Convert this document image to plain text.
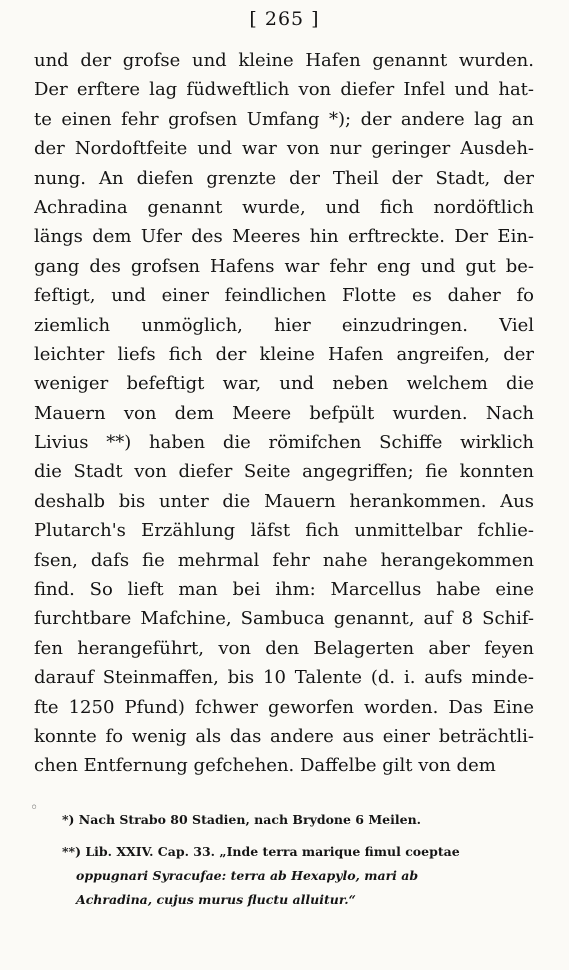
[ 265 ]
und der grofse und kleine Hafen genannt wurden.
Der erftere lag füdweftlich von diefer Infel und hat-
te einen fehr grofsen Umfang *); der andere lag an
der Nordoftfeite und war von nur geringer Ausdeh-
nung. An diefen grenzte der Theil der Stadt, der
Achradina genannt wurde, und fich nordöftlich
längs dem Ufer des Meeres hin erftreckte. Der Ein-
gang des grofsen Hafens war fehr eng und gut be-
feftigt, und einer feindlichen Flotte es daher fo
ziemlich unmöglich, hier einzudringen. Viel
leichter liefs fich der kleine Hafen angreifen, der
weniger befeftigt war, und neben welchem die
Mauern von dem Meere befpült wurden. Nach
Livius **) haben die römifchen Schiffe wirklich
die Stadt von diefer Seite angegriffen; fie konnten
deshalb bis unter die Mauern herankommen. Aus
Plutarch's Erzählung läfst fich unmittelbar fchlie-
fsen, dafs fie mehrmal fehr nahe herangekommen
find. So lieft man bei ihm: Marcellus habe eine
furchtbare Mafchine, Sambuca genannt, auf 8 Schif-
fen herangeführt, von den Belagerten aber feyen
darauf Steinmaffen, bis 10 Talente (d. i. aufs minde-
fte 1250 Pfund) fchwer geworfen worden. Das Eine
konnte fo wenig als das andere aus einer beträchtli-
chen Entfernung gefchehen. Daffelbe gilt von dem
*) Nach Strabo 80 Stadien, nach Brydone 6 Meilen.
**) Lib. XXIV. Cap. 33. „Inde terra marique fimul coeptae
oppugnari Syracufae: terra ab Hexapylo, mari ab
Achradina, cujus murus fluctu alluitur.“
◦
